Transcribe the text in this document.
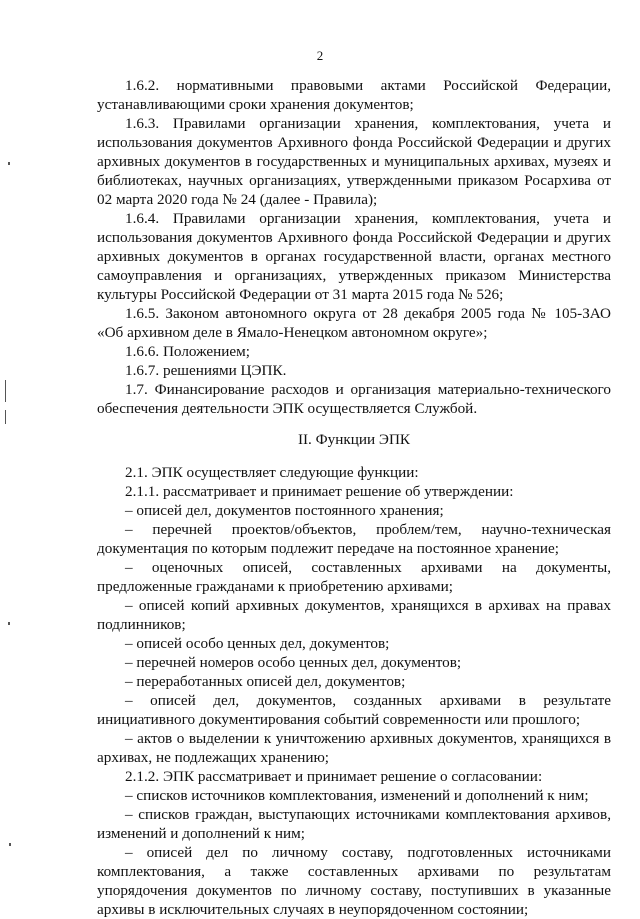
2

1.6.2. нормативными правовыми актами Российской Федерации, устанавливающими сроки хранения документов;

1.6.3. Правилами организации хранения, комплектования, учета и использования документов Архивного фонда Российской Федерации и других архивных документов в государственных и муниципальных архивах, музеях и библиотеках, научных организациях, утвержденными приказом Росархива от 02 марта 2020 года № 24 (далее - Правила);

1.6.4. Правилами организации хранения, комплектования, учета и использования документов Архивного фонда Российской Федерации и других архивных документов в органах государственной власти, органах местного самоуправления и организациях, утвержденных приказом Министерства культуры Российской Федерации от 31 марта 2015 года № 526;

1.6.5. Законом автономного округа от 28 декабря 2005 года № 105-ЗАО «Об архивном деле в Ямало-Ненецком автономном округе»;

1.6.6. Положением;

1.6.7. решениями ЦЭПК.

1.7. Финансирование расходов и организация материально-технического обеспечения деятельности ЭПК осуществляется Службой.

II. Функции ЭПК

2.1. ЭПК осуществляет следующие функции:

2.1.1. рассматривает и принимает решение об утверждении:

– описей дел, документов постоянного хранения;

– перечней проектов/объектов, проблем/тем, научно-техническая документация по которым подлежит передаче на постоянное хранение;

– оценочных описей, составленных архивами на документы, предложенные гражданами к приобретению архивами;

– описей копий архивных документов, хранящихся в архивах на правах подлинников;

– описей особо ценных дел, документов;

– перечней номеров особо ценных дел, документов;

– переработанных описей дел, документов;

– описей дел, документов, созданных архивами в результате инициативного документирования событий современности или прошлого;

– актов о выделении к уничтожению архивных документов, хранящихся в архивах, не подлежащих хранению;

2.1.2. ЭПК рассматривает и принимает решение о согласовании:

– списков источников комплектования, изменений и дополнений к ним;

– списков граждан, выступающих источниками комплектования архивов, изменений и дополнений к ним;

– описей дел по личному составу, подготовленных источниками комплектования, а также составленных архивами по результатам упорядочения документов по личному составу, поступивших в указанные архивы в исключительных случаях в неупорядоченном состоянии;
